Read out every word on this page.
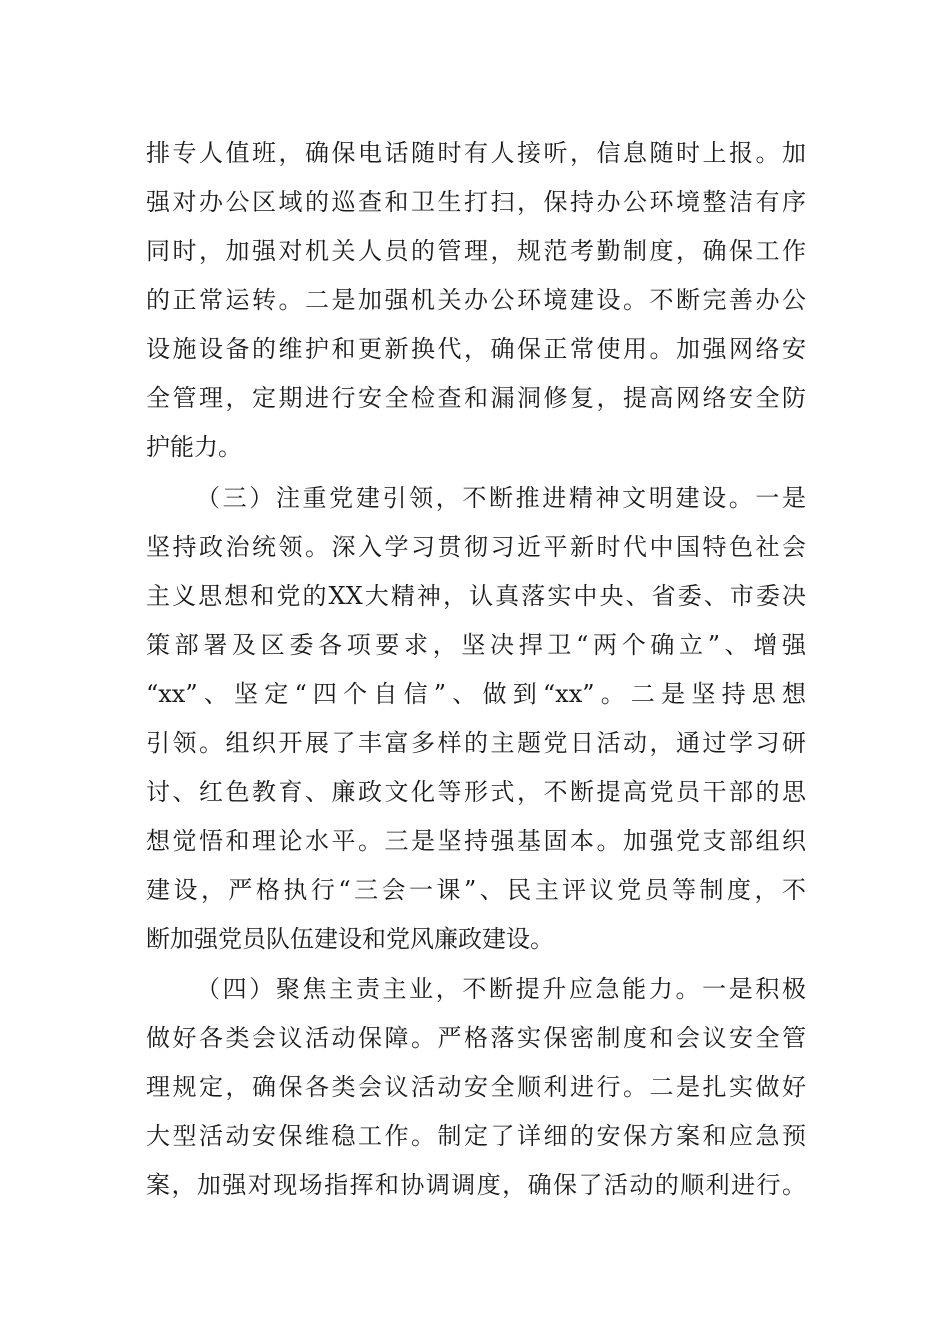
排专人值班，确保电话随时有人接听，信息随时上报。加
强对办公区域的巡查和卫生打扫，保持办公环境整洁有序
同时，加强对机关人员的管理，规范考勤制度，确保工作
的正常运转。二是加强机关办公环境建设。不断完善办公
设施设备的维护和更新换代，确保正常使用。加强网络安
全管理，定期进行安全检查和漏洞修复，提高网络安全防
护能力。
（三）注重党建引领，不断推进精神文明建设。一是
坚持政治统领。深入学习贯彻习近平新时代中国特色社会
主义思想和党的XX大精神，认真落实中央、省委、市委决
策部署及区委各项要求，坚决捍卫“两个确立”、增强
“xx”、坚定“四个自信”、做到“xx”。二是坚持思想
引领。组织开展了丰富多样的主题党日活动，通过学习研
讨、红色教育、廉政文化等形式，不断提高党员干部的思
想觉悟和理论水平。三是坚持强基固本。加强党支部组织
建设，严格执行“三会一课”、民主评议党员等制度，不
断加强党员队伍建设和党风廉政建设。
（四）聚焦主责主业，不断提升应急能力。一是积极
做好各类会议活动保障。严格落实保密制度和会议安全管
理规定，确保各类会议活动安全顺利进行。二是扎实做好
大型活动安保维稳工作。制定了详细的安保方案和应急预
案，加强对现场指挥和协调调度，确保了活动的顺利进行。
